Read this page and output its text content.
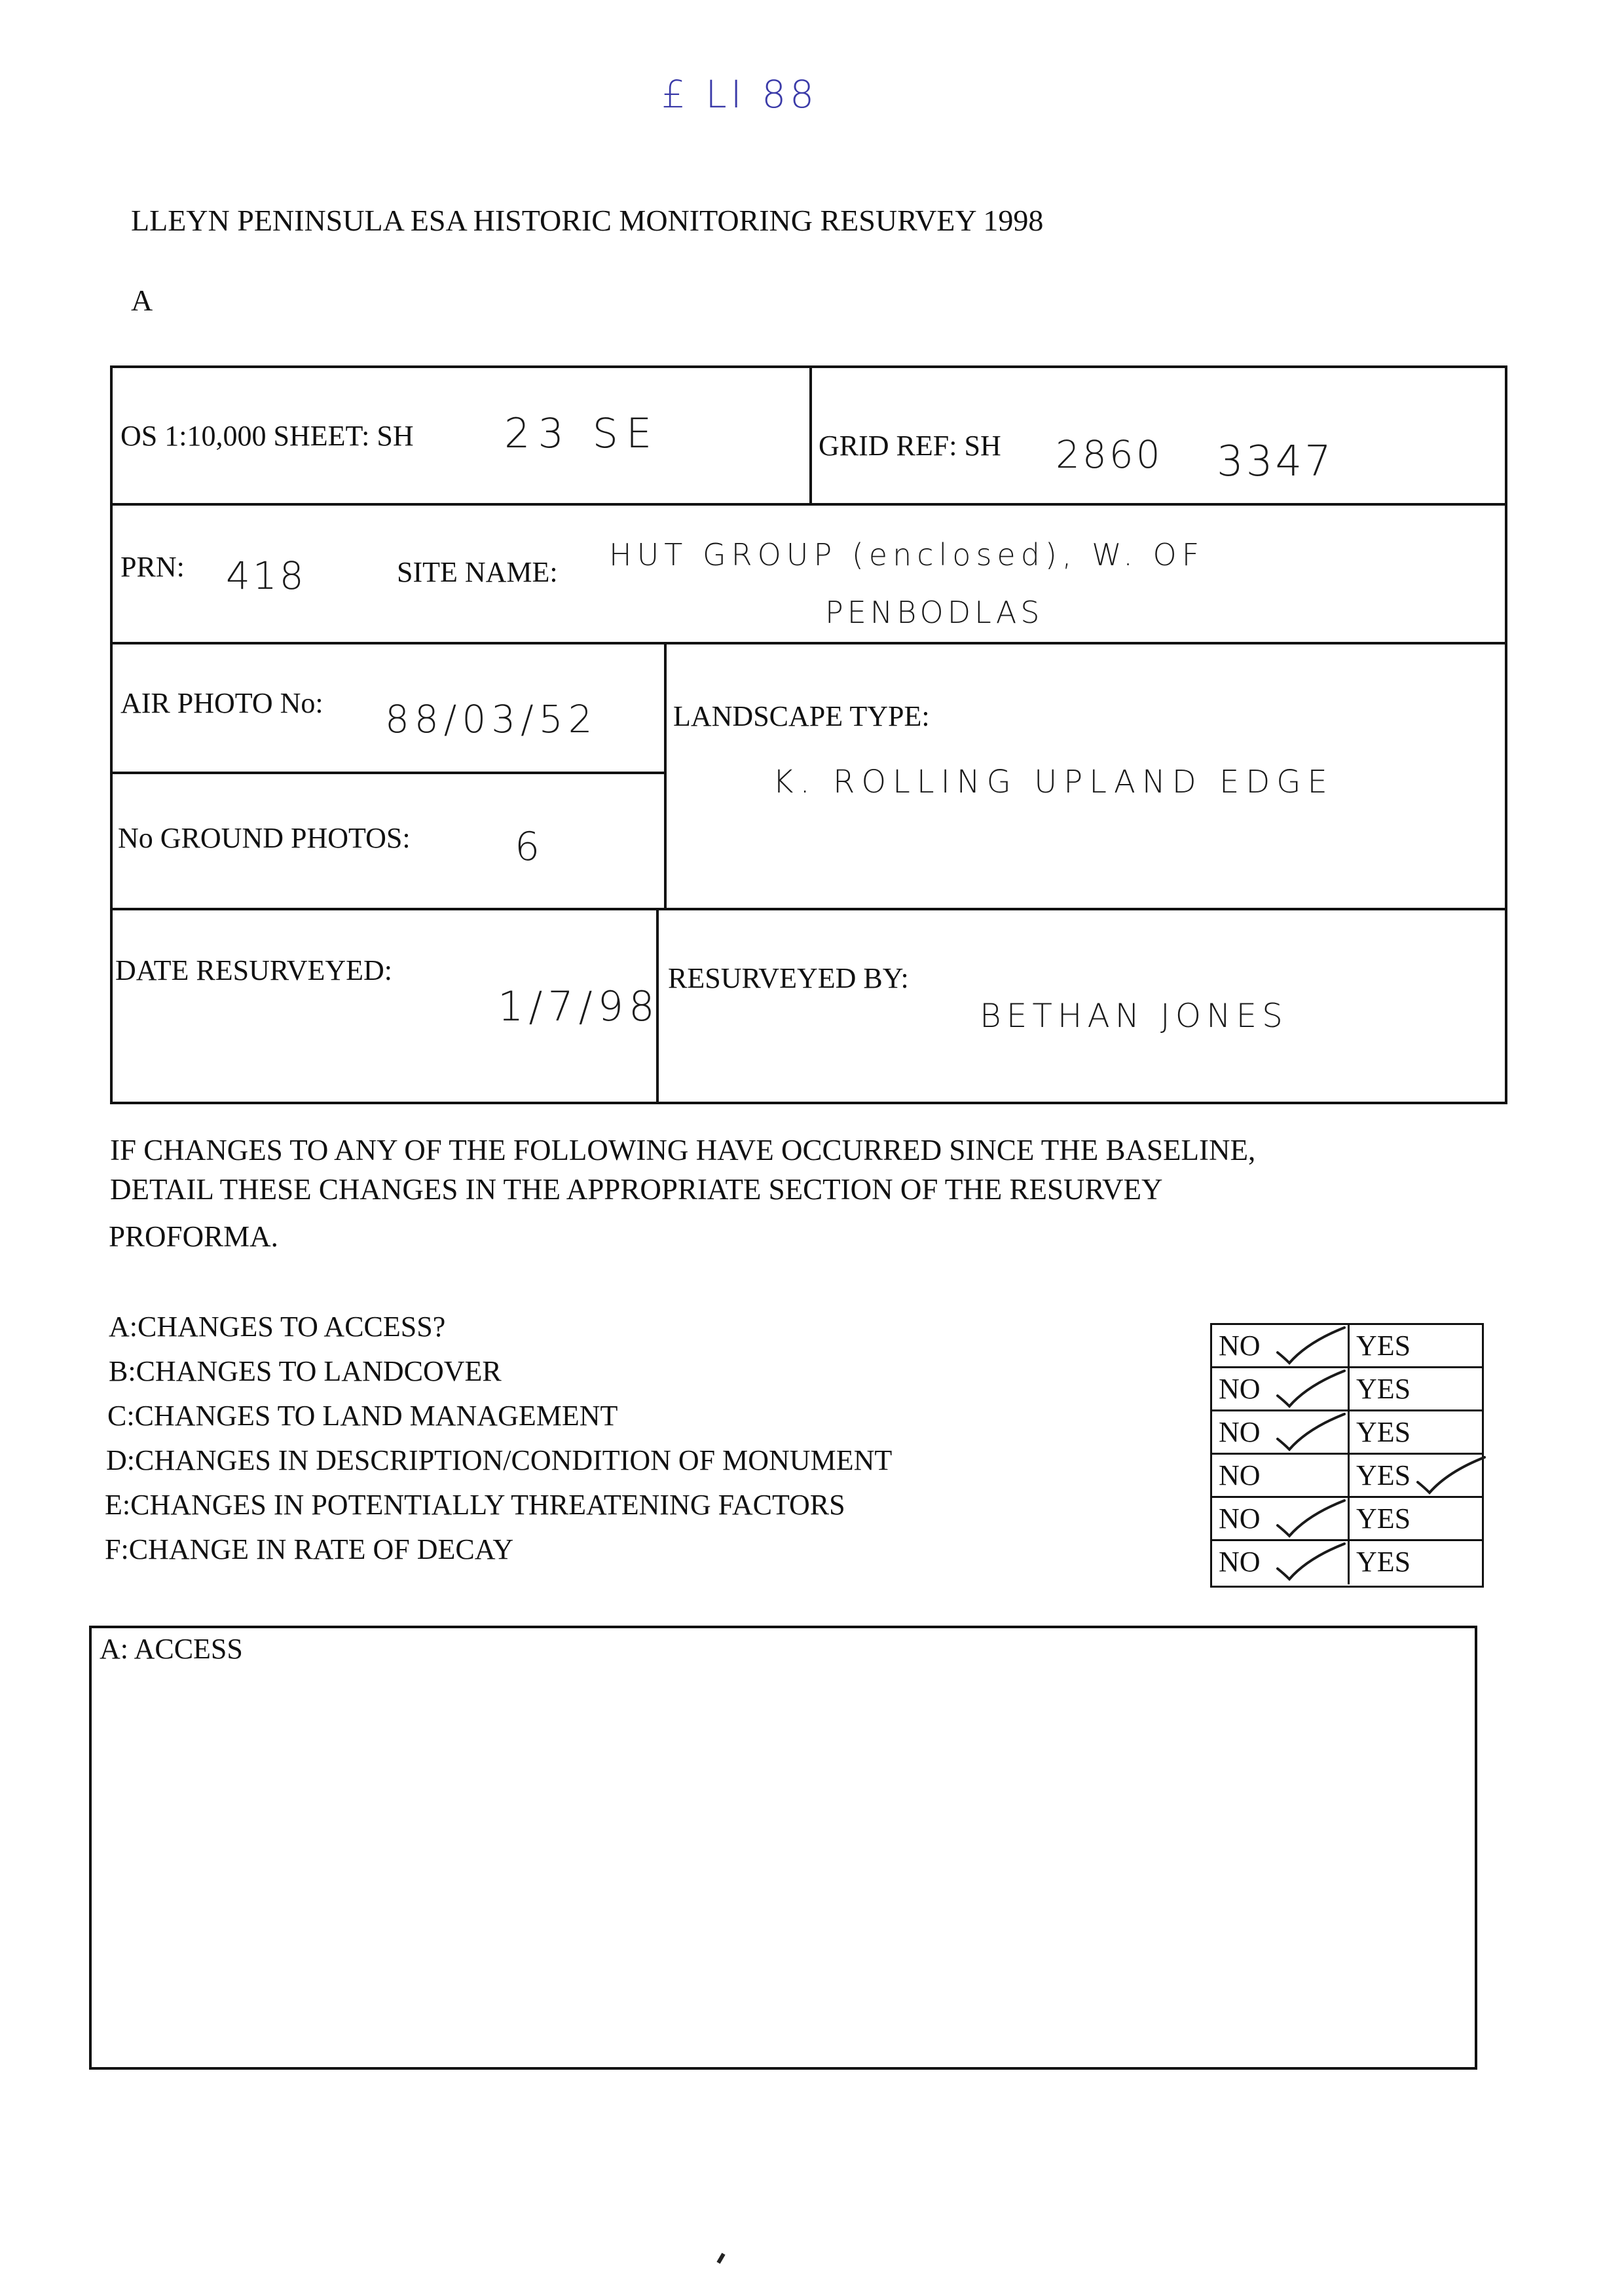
£ LI 88
LLEYN PENINSULA ESA HISTORIC MONITORING RESURVEY 1998
A
OS 1:10,000 SHEET: SH 23 SE	GRID REF: SH 2860 3347
PRN: 418	SITE NAME: HUT GROUP (enclosed), W. OF
PENBODLAS
AIR PHOTO No: 88/03/52	LANDSCAPE TYPE:
K. ROLLING UPLAND EDGE
No GROUND PHOTOS:	6
DATE RESURVEYED:
1/7/98
RESURVEYED BY:
BETHAN JONES
IF CHANGES TO ANY OF THE FOLLOWING HAVE OCCURRED SINCE THE BASELINE,
DETAIL THESE CHANGES IN THE APPROPRIATE SECTION OF THE RESURVEY
PROFORMA.
A:CHANGES TO ACCESS?
B:CHANGES TO LANDCOVER
C:CHANGES TO LAND MANAGEMENT
D:CHANGES IN DESCRIPTION/CONDITION OF MONUMENT
E:CHANGES IN POTENTIALLY THREATENING FACTORS
F:CHANGE IN RATE OF DECAY
NO	YES
NO	YES
NO	YES
NO	YES
NO	YES
NO	YES
A: ACCESS
